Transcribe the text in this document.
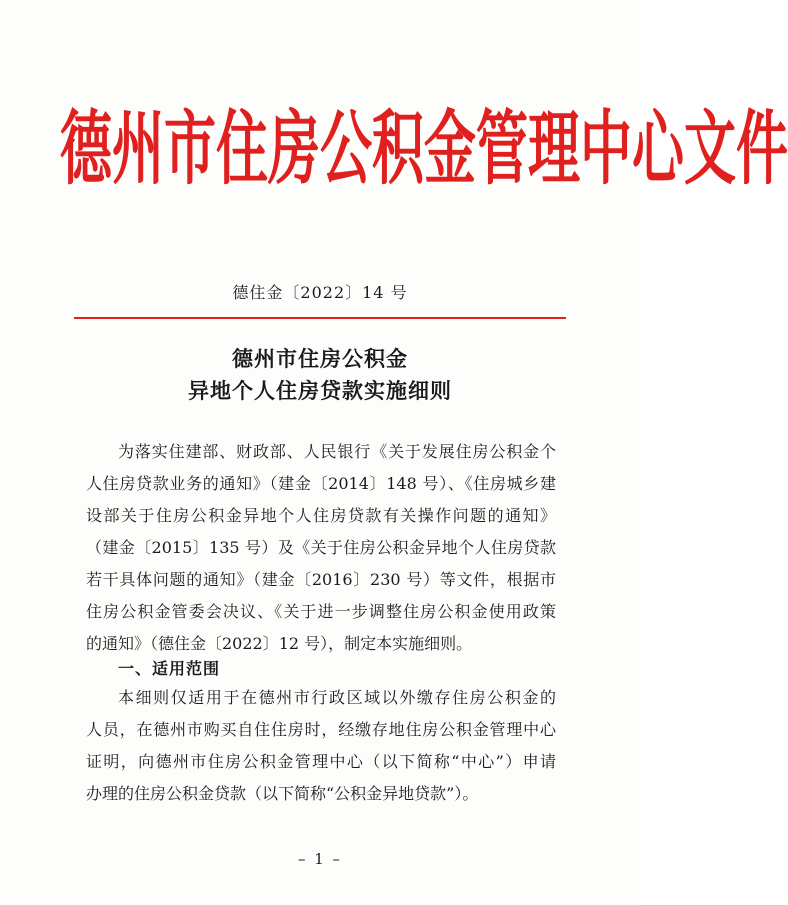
德州市住房公积金管理中心文件
德住金〔2022〕14 号
德州市住房公积金
异地个人住房贷款实施细则
为落实住建部、财政部、人民银行《关于发展住房公积金个
人住房贷款业务的通知》（建金〔2014〕148 号）、《住房城乡建
设部关于住房公积金异地个人住房贷款有关操作问题的通知》
（建金〔2015〕135 号）及《关于住房公积金异地个人住房贷款
若干具体问题的通知》（建金〔2016〕230 号）等文件，根据市
住房公积金管委会决议、《关于进一步调整住房公积金使用政策
的通知》（德住金〔2022〕12 号），制定本实施细则。
一、适用范围
本细则仅适用于在德州市行政区域以外缴存住房公积金的
人员，在德州市购买自住住房时，经缴存地住房公积金管理中心
证明，向德州市住房公积金管理中心（以下简称“中心”）申请
办理的住房公积金贷款（以下简称“公积金异地贷款”）。
– 1 –
